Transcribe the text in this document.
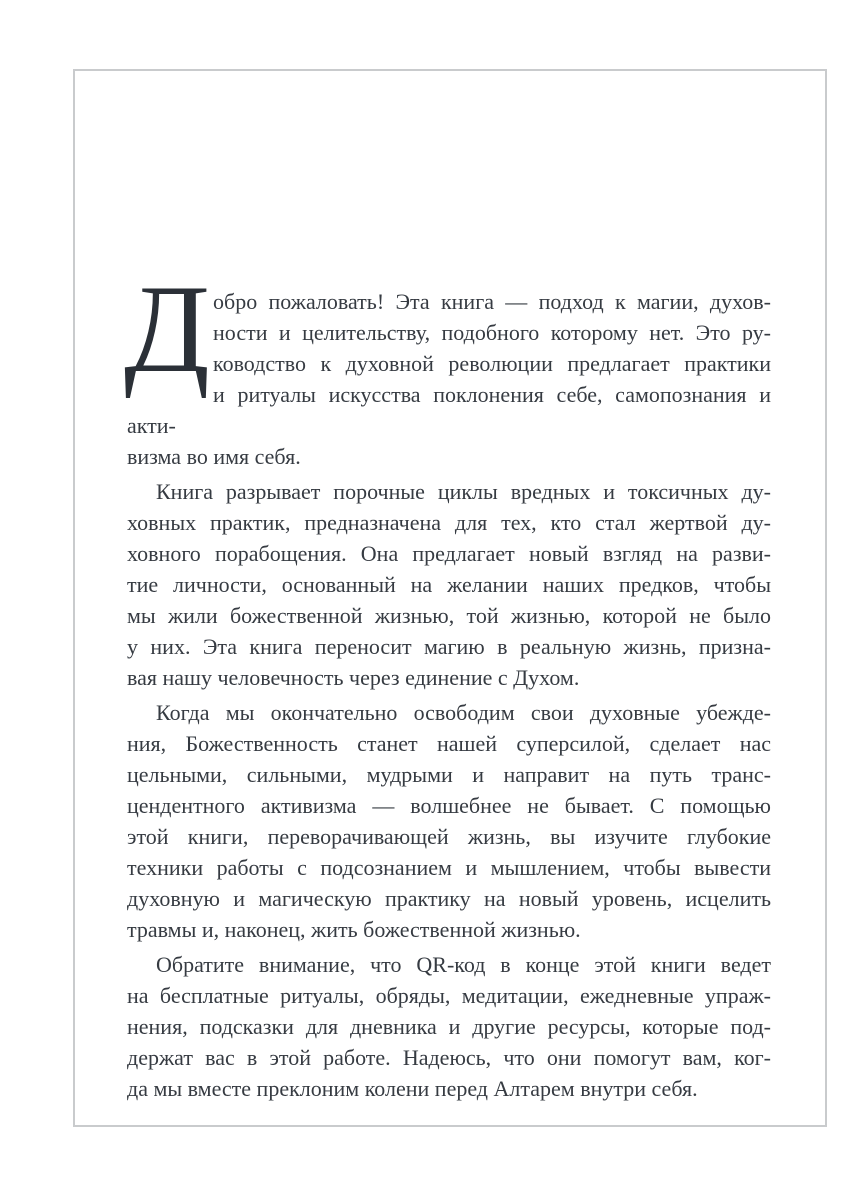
Д обро пожаловать! Эта книга — подход к магии, духов-
ности и целительству, подобного которому нет. Это ру-
ководство к духовной революции предлагает практики
и ритуалы искусства поклонения себе, самопознания и акти-
визма во имя себя.
Книга разрывает порочные циклы вредных и токсичных ду-
ховных практик, предназначена для тех, кто стал жертвой ду-
ховного порабощения. Она предлагает новый взгляд на разви-
тие личности, основанный на желании наших предков, чтобы
мы жили божественной жизнью, той жизнью, которой не было
у них. Эта книга переносит магию в реальную жизнь, призна-
вая нашу человечность через единение с Духом.
Когда мы окончательно освободим свои духовные убежде-
ния, Божественность станет нашей суперсилой, сделает нас
цельными, сильными, мудрыми и направит на путь транс-
цендентного активизма — волшебнее не бывает. С помощью
этой книги, переворачивающей жизнь, вы изучите глубокие
техники работы с подсознанием и мышлением, чтобы вывести
духовную и магическую практику на новый уровень, исцелить
травмы и, наконец, жить божественной жизнью.
Обратите внимание, что QR-код в конце этой книги ведет
на бесплатные ритуалы, обряды, медитации, ежедневные упраж-
нения, подсказки для дневника и другие ресурсы, которые под-
держат вас в этой работе. Надеюсь, что они помогут вам, ког-
да мы вместе преклоним колени перед Алтарем внутри себя.
